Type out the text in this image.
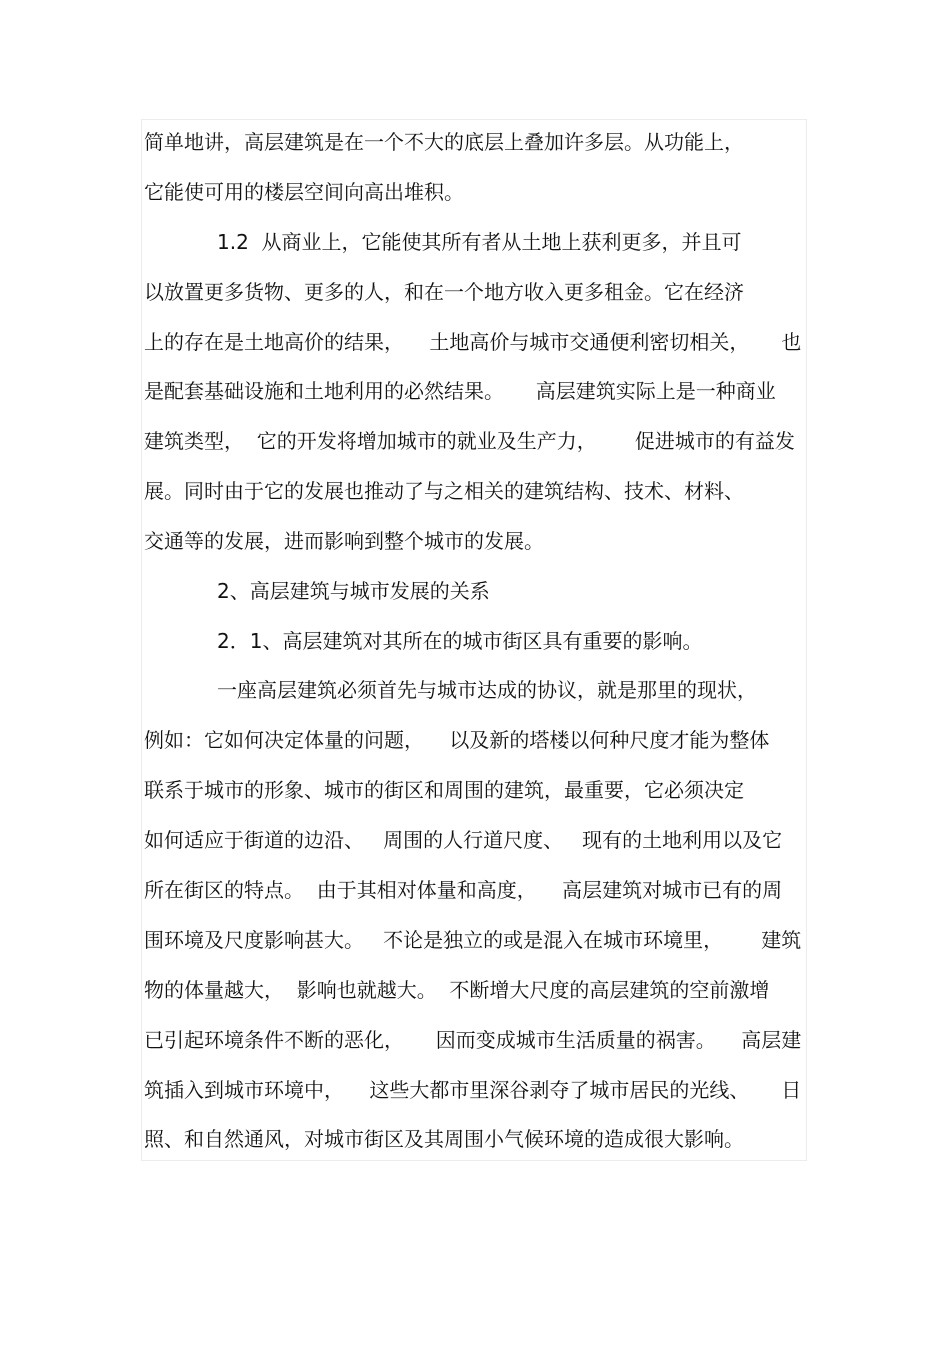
简单地讲，高层建筑是在一个不大的底层上叠加许多层。从功能上，
它能使可用的楼层空间向高出堆积。
1.2  从商业上，它能使其所有者从土地上获利更多，并且可
以放置更多货物、更多的人，和在一个地方收入更多租金。它在经济
上的存在是土地高价的结果，    土地高价与城市交通便利密切相关，     也
是配套基础设施和土地利用的必然结果。     高层建筑实际上是一种商业
建筑类型，  它的开发将增加城市的就业及生产力，      促进城市的有益发
展。同时由于它的发展也推动了与之相关的建筑结构、技术、材料、
交通等的发展，进而影响到整个城市的发展。
2、高层建筑与城市发展的关系
2．1、高层建筑对其所在的城市街区具有重要的影响。
一座高层建筑必须首先与城市达成的协议，就是那里的现状，
例如：它如何决定体量的问题，    以及新的塔楼以何种尺度才能为整体
联系于城市的形象、城市的街区和周围的建筑，最重要，它必须决定
如何适应于街道的边沿、   周围的人行道尺度、   现有的土地利用以及它
所在街区的特点。  由于其相对体量和高度，    高层建筑对城市已有的周
围环境及尺度影响甚大。   不论是独立的或是混入在城市环境里，      建筑
物的体量越大，  影响也就越大。  不断增大尺度的高层建筑的空前激增
已引起环境条件不断的恶化，     因而变成城市生活质量的祸害。    高层建
筑插入到城市环境中，    这些大都市里深谷剥夺了城市居民的光线、     日
照、和自然通风，对城市街区及其周围小气候环境的造成很大影响。
